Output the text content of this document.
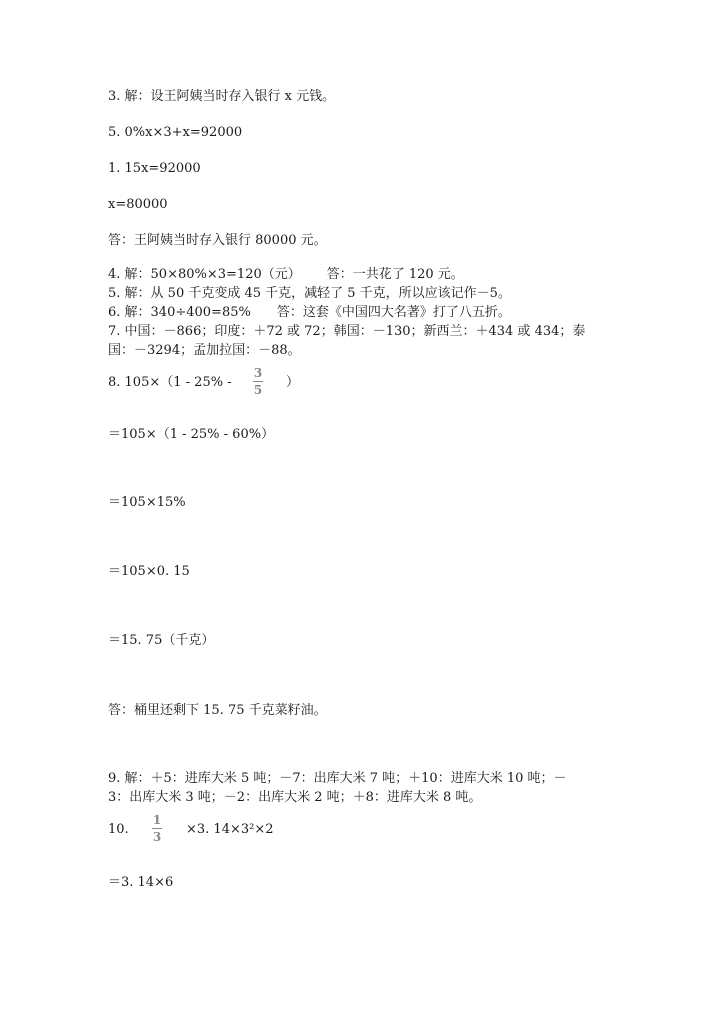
3. 解：设王阿姨当时存入银行 x 元钱。
5. 0%x×3+x=92000
1. 15x=92000
x=80000
答：王阿姨当时存入银行 80000 元。
4. 解：50×80%×3=120（元） 答：一共花了 120 元。
5. 解：从 50 千克变成 45 千克，减轻了 5 千克，所以应该记作－5。
6. 解：340÷400=85% 答：这套《中国四大名著》打了八五折。
7. 中国：－866；印度：＋72 或 72；韩国：－130；新西兰：＋434 或 434；泰
国：－3294；孟加拉国：－88。
8. 105×（1 - 25% -
3
5 ）
＝105×（1 - 25% - 60%）
＝105×15%
＝105×0. 15
＝15. 75（千克）
答：桶里还剩下 15. 75 千克菜籽油。
9. 解：＋5：进库大米 5 吨；－7：出库大米 7 吨；＋10：进库大米 10 吨；－
3：出库大米 3 吨；－2：出库大米 2 吨；＋8：进库大米 8 吨。
10.
1
3 ×3. 14×3²×2
＝3. 14×6
